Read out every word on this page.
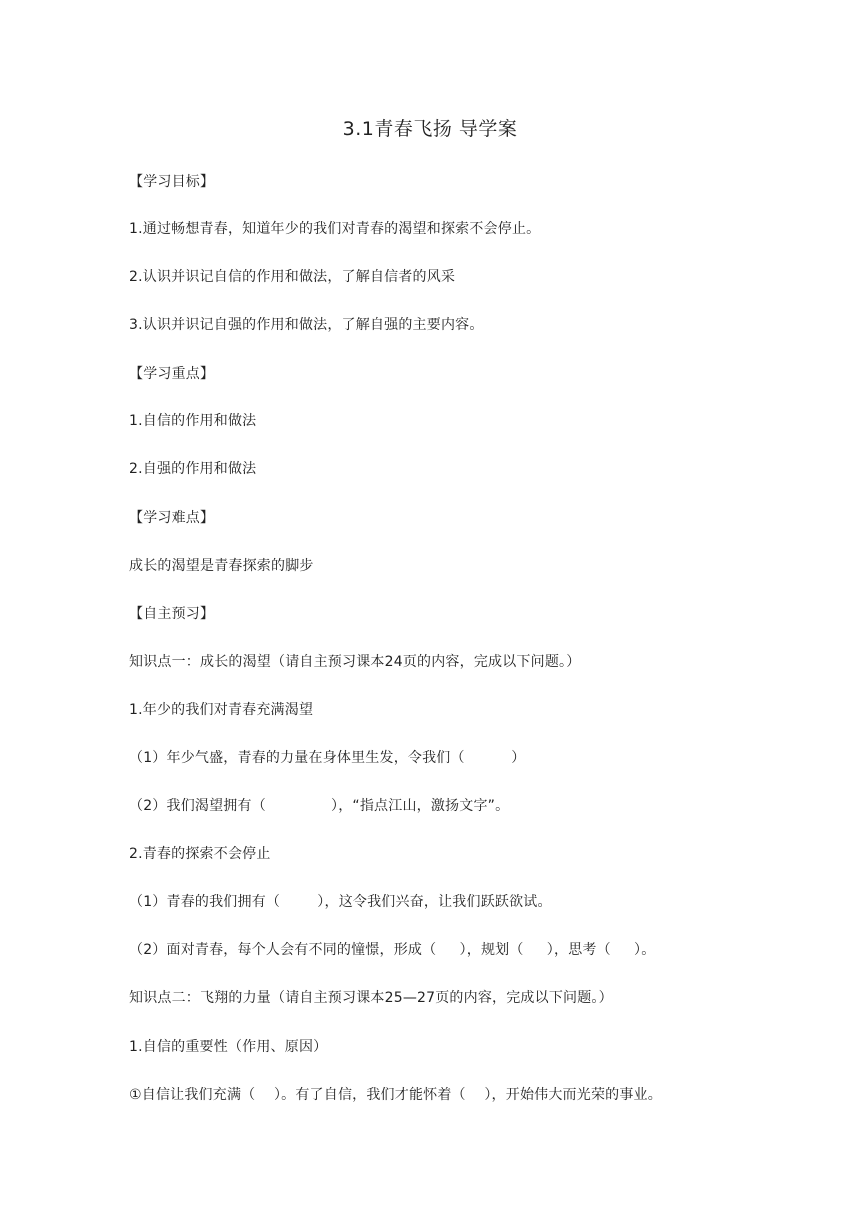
3.1青春飞扬 导学案
【学习目标】
1.通过畅想青春，知道年少的我们对青春的渴望和探索不会停止。
2.认识并识记自信的作用和做法，了解自信者的风采
3.认识并识记自强的作用和做法，了解自强的主要内容。
【学习重点】
1.自信的作用和做法
2.自强的作用和做法
【学习难点】
成长的渴望是青春探索的脚步
【自主预习】
知识点一：成长的渴望（请自主预习课本24页的内容，完成以下问题。）
1.年少的我们对青春充满渴望
（1）年少气盛，青春的力量在身体里生发，令我们（          ）
（2）我们渴望拥有（              ），“指点江山，激扬文字”。
2.青春的探索不会停止
（1）青春的我们拥有（        ），这令我们兴奋，让我们跃跃欲试。
（2）面对青春，每个人会有不同的憧憬，形成（     ），规划（     ），思考（     ）。
知识点二：飞翔的力量（请自主预习课本25—27页的内容，完成以下问题。）
1.自信的重要性（作用、原因）
①自信让我们充满（    ）。有了自信，我们才能怀着（    ），开始伟大而光荣的事业。
